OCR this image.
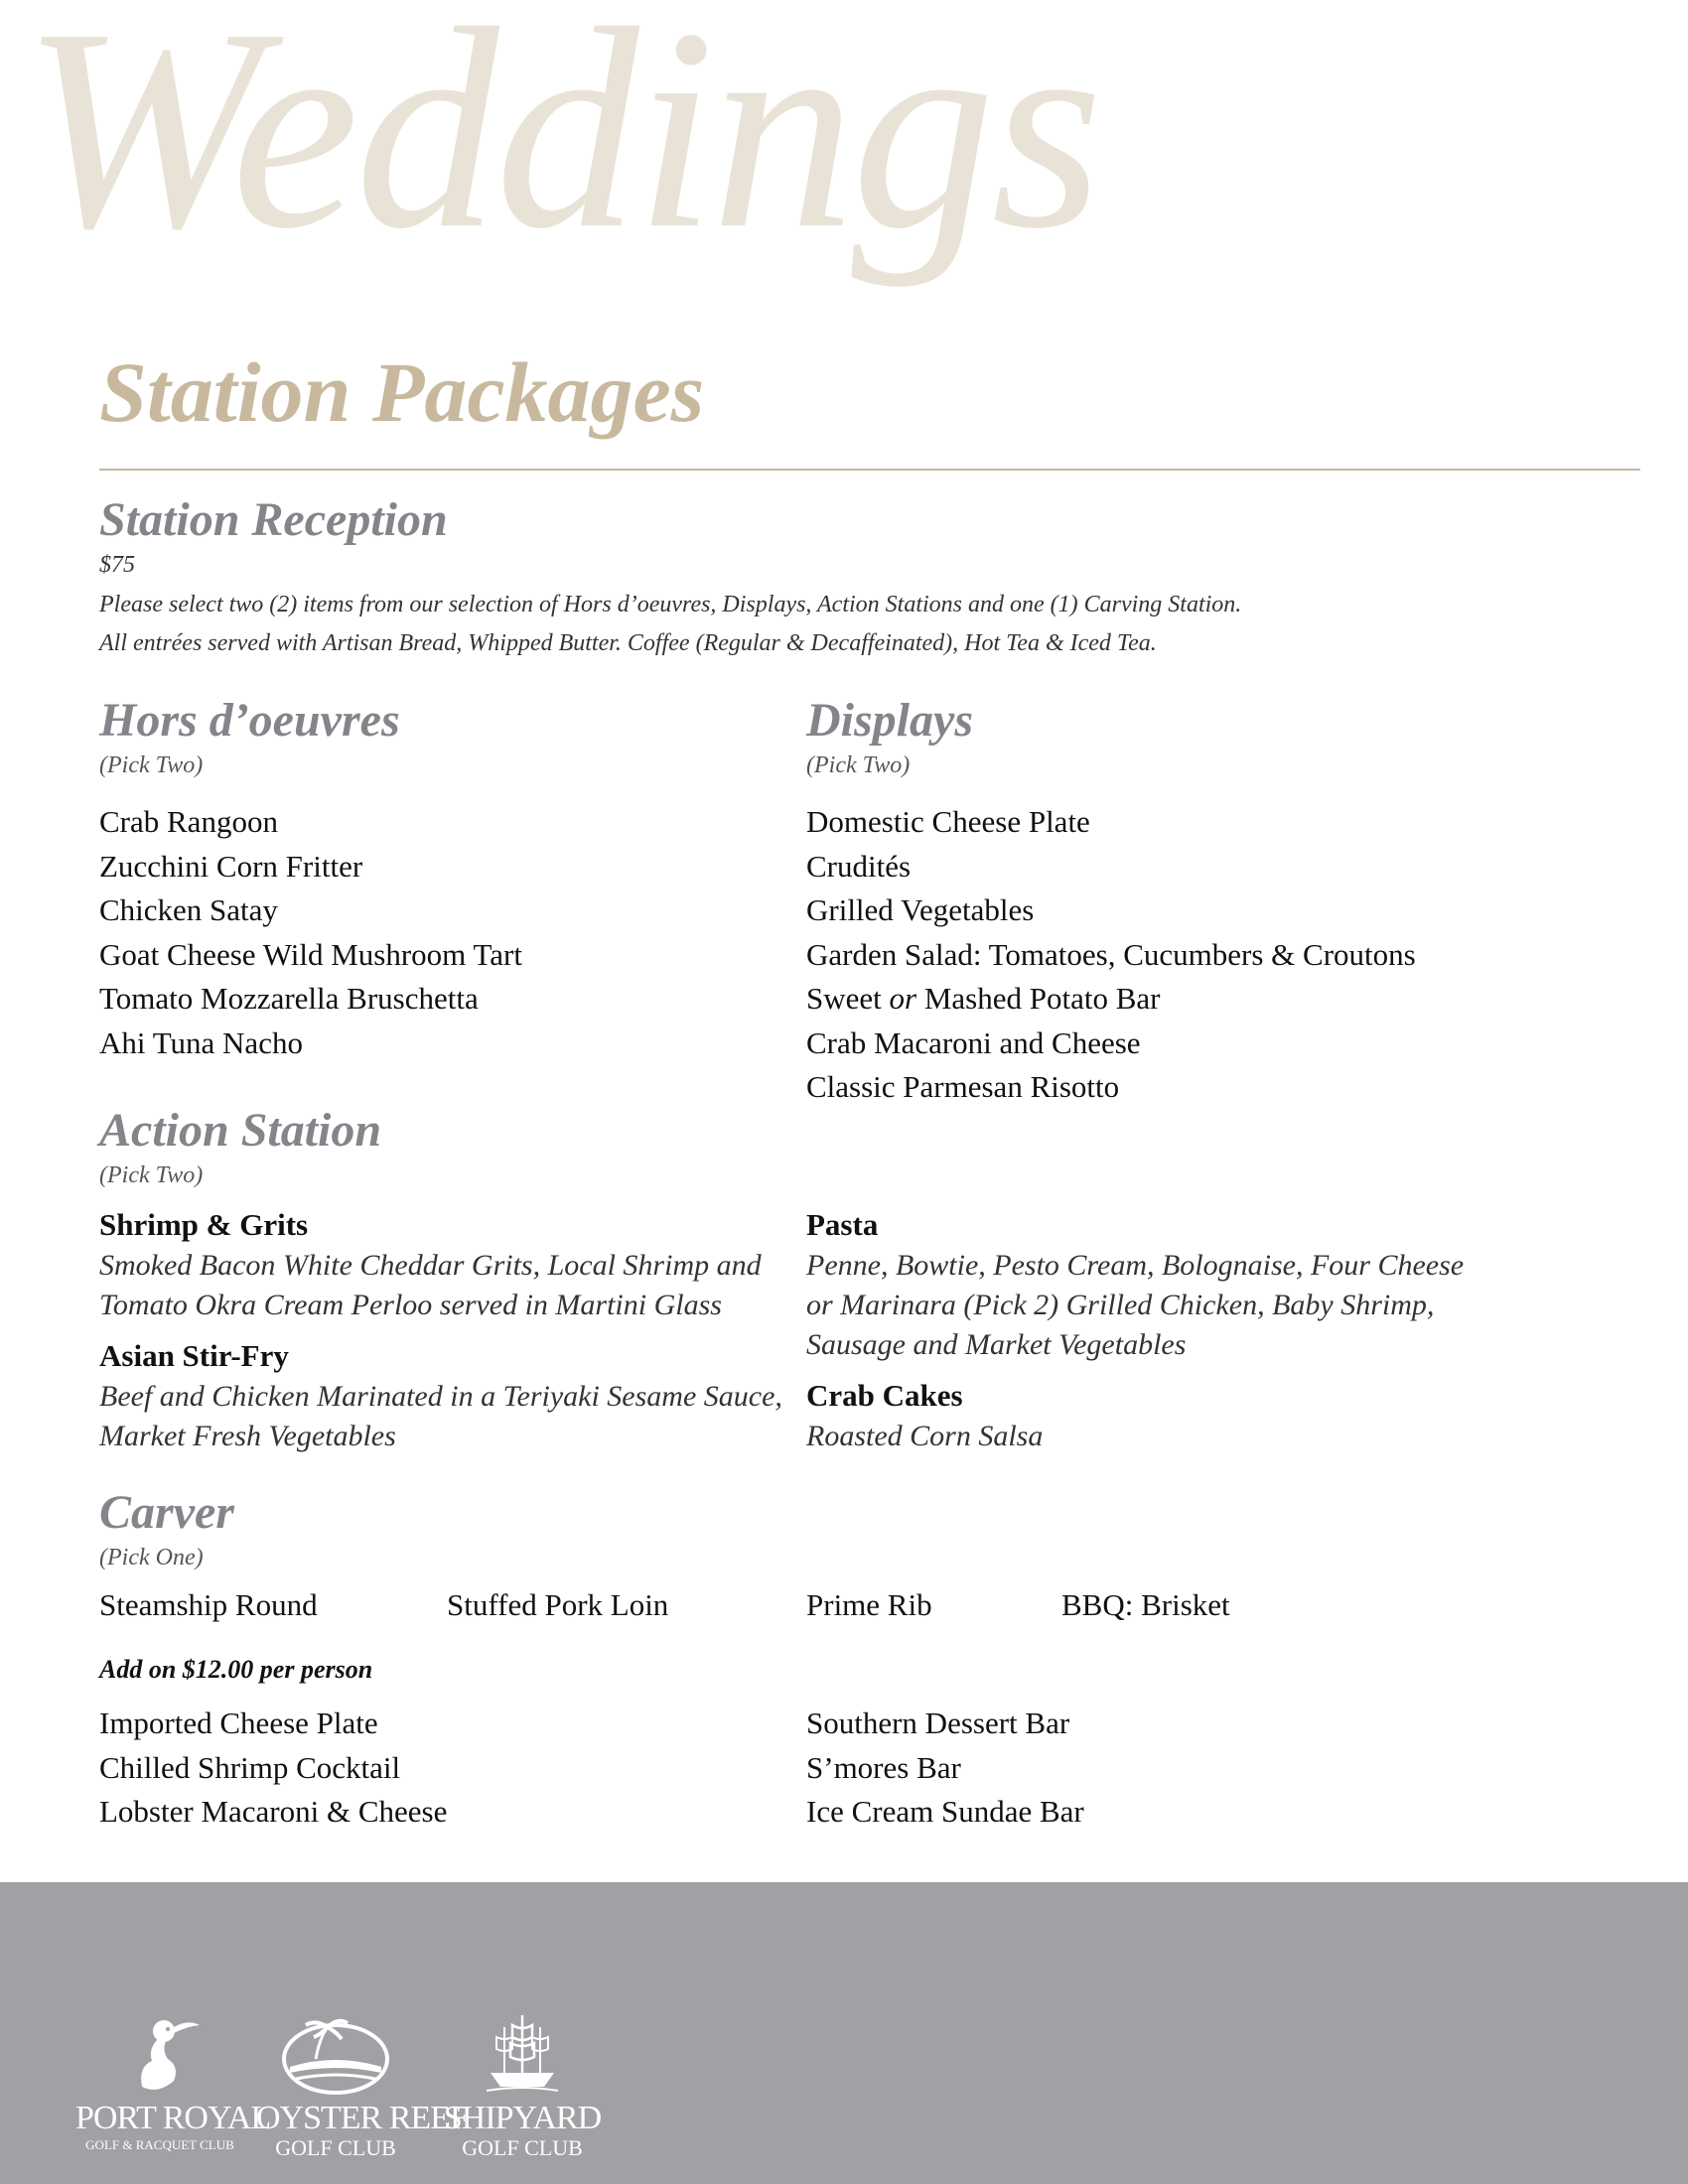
Weddings
Station Packages
Station Reception
$75
Please select two (2) items from our selection of Hors d’oeuvres, Displays, Action Stations and one (1) Carving Station.
All entrées served with Artisan Bread, Whipped Butter. Coffee (Regular & Decaffeinated), Hot Tea & Iced Tea.
Hors d’oeuvres
(Pick Two)
Crab Rangoon
Zucchini Corn Fritter
Chicken Satay
Goat Cheese Wild Mushroom Tart
Tomato Mozzarella Bruschetta
Ahi Tuna Nacho
Displays
(Pick Two)
Domestic Cheese Plate
Crudités
Grilled Vegetables
Garden Salad: Tomatoes, Cucumbers & Croutons
Sweet or Mashed Potato Bar
Crab Macaroni and Cheese
Classic Parmesan Risotto
Action Station
(Pick Two)
Shrimp & Grits
Smoked Bacon White Cheddar Grits, Local Shrimp and Tomato Okra Cream Perloo served in Martini Glass
Asian Stir-Fry
Beef and Chicken Marinated in a Teriyaki Sesame Sauce, Market Fresh Vegetables
Pasta
Penne, Bowtie, Pesto Cream, Bolognaise, Four Cheese or Marinara (Pick 2) Grilled Chicken, Baby Shrimp, Sausage and Market Vegetables
Crab Cakes
Roasted Corn Salsa
Carver
(Pick One)
Steamship Round	Stuffed Pork Loin	Prime Rib	BBQ: Brisket
Add on $12.00 per person
Imported Cheese Plate
Chilled Shrimp Cocktail
Lobster Macaroni & Cheese
Southern Dessert Bar
S’mores Bar
Ice Cream Sundae Bar
PORT ROYAL
GOLF & RACQUET CLUB
OYSTER REEF
GOLF CLUB
SHIPYARD
GOLF CLUB
